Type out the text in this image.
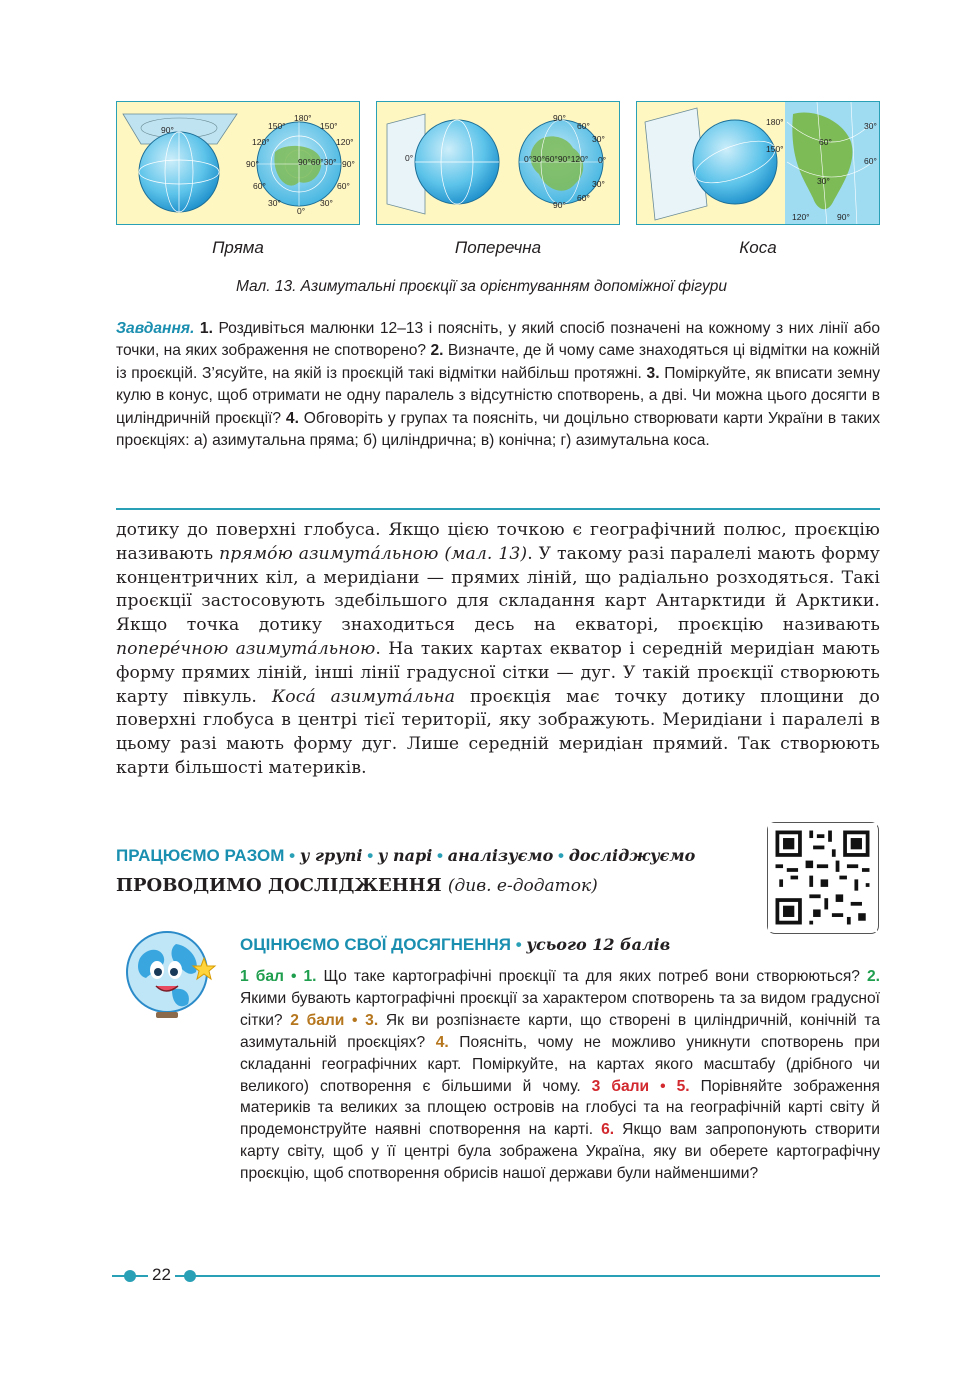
180°
150°	150°
120°	120°
90°	90°60°30° 90°
60°	60°
30°	30°
0°
90°
90°
60°
30°
0°	0°30°60°90°120° 0°
30°
60°
90°
180°
150°
60°
30°
60°
30°
120°	90°
Пряма	Поперечна	Коса
Мал. 13. Азимутальні проєкції за орієнтуванням допоміжної фігури
Завдання. 1. Роздивіться малюнки 12–13 і поясніть, у який спосіб позначені на кожному з них лінії або точки, на яких зображення не спотворено? 2. Визначте, де й чому саме знаходяться ці відмітки на кожній із проєкцій. З’ясуйте, на якій із проєкцій такі відмітки найбільш протяжні. 3. Поміркуйте, як вписати земну кулю в конус, щоб отримати не одну паралель з відсутністю спотворень, а дві. Чи можна цього досягти в циліндричній проєкції? 4. Обговоріть у групах та поясніть, чи доцільно створювати карти України в таких проєкціях: а) азимутальна пряма; б) циліндрична; в) конічна; г) азимутальна коса.
дотику до поверхні глобуса. Якщо цією точкою є географічний полюс, проєкцію називають прямóю азимутáльною (мал. 13). У такому разі паралелі мають форму концентричних кіл, а меридіани — прямих ліній, що радіально розходяться. Такі проєкції застосовують здебільшого для складання карт Антарктиди й Арктики. Якщо точка дотику знаходиться десь на екваторі, проєкцію називають поперéчною азимутáльною. На таких картах екватор і середній меридіан мають форму прямих ліній, інші лінії градусної сітки — дуг. У такій проєкції створюють карту півкуль. Косá азимутáльна проєкція має точку дотику площини до поверхні глобуса в центрі тієї території, яку зображують. Меридіани і паралелі в цьому разі мають форму дуг. Лише середній меридіан прямий. Так створюють карти більшості материків.
ПРАЦЮЄМО РАЗОМ • у групі • у парі • аналізуємо • досліджуємо
ПРОВОДИМО ДОСЛІДЖЕННЯ (див. е-додаток)
ОЦІНЮЄМО СВОЇ ДОСЯГНЕННЯ • усього 12 балів
1 бал • 1. Що таке картографічні проєкції та для яких потреб вони створюються? 2. Якими бувають картографічні проєкції за характером спотворень та за видом градусної сітки? 2 бали • 3. Як ви розпізнаєте карти, що створені в циліндричній, конічній та азимутальній проєкціях? 4. Поясніть, чому не можливо уникнути спотворень при складанні географічних карт. Поміркуйте, на картах якого масштабу (дрібного чи великого) спотворення є більшими й чому. 3 бали • 5. Порівняйте зображення материків та великих за площею островів на глобусі та на географічній карті світу й продемонструйте наявні спотворення на карті. 6. Якщо вам запропонують створити карту світу, щоб у її центрі була зображена Україна, яку ви оберете картографічну проєкцію, щоб спотворення обрисів нашої держави були найменшими?
22
